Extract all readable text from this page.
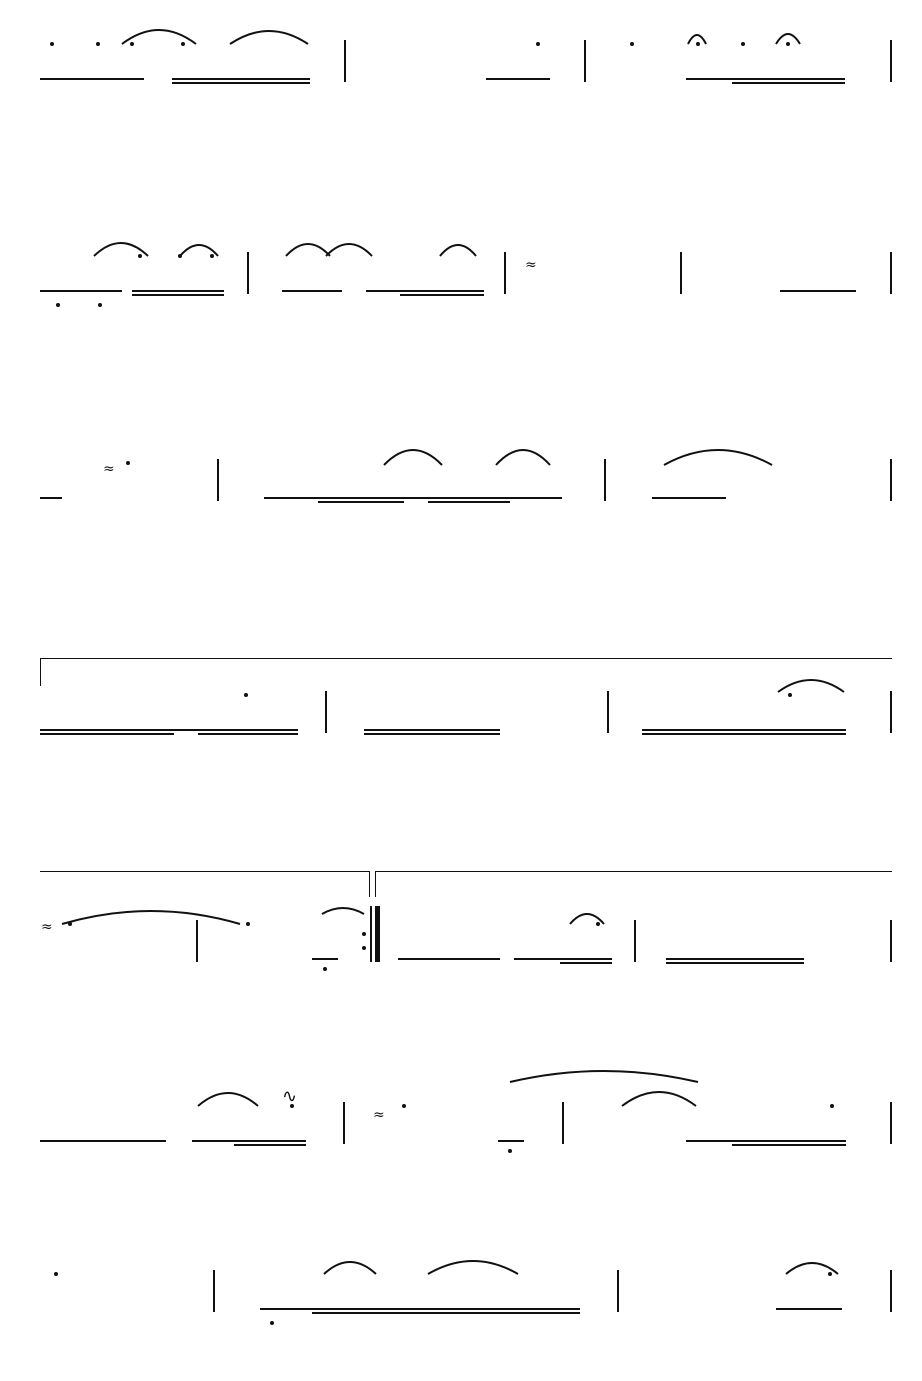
≈
≈
≈
≈
∿
